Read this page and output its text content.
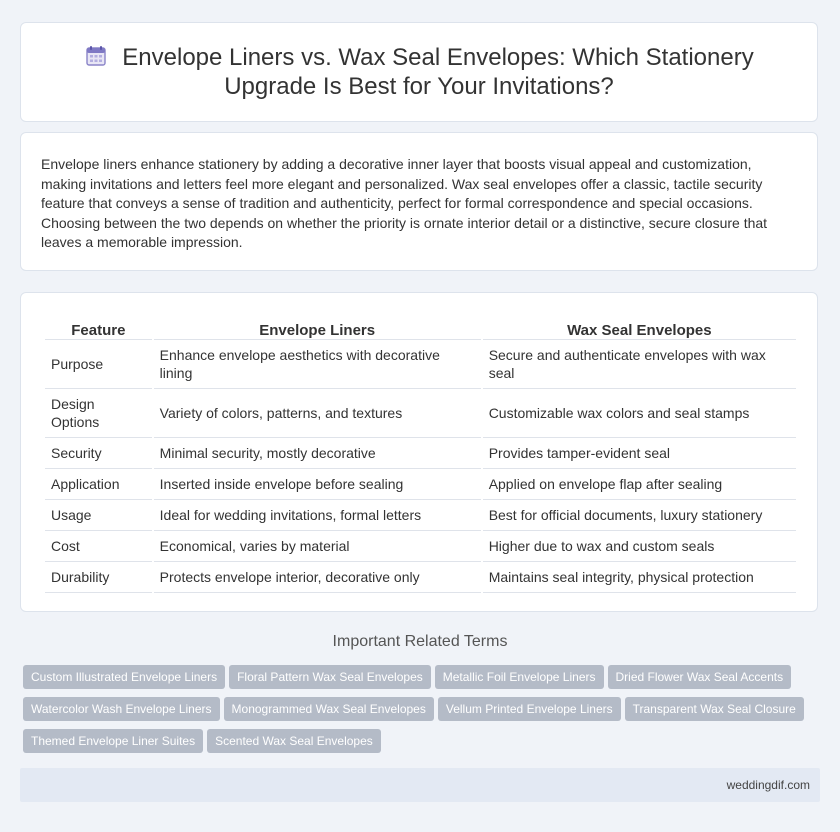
Envelope Liners vs. Wax Seal Envelopes: Which Stationery
Upgrade Is Best for Your Invitations?

Envelope liners enhance stationery by adding a decorative inner layer that boosts visual appeal and customization, making invitations and letters feel more elegant and personalized. Wax seal envelopes offer a classic, tactile security feature that conveys a sense of tradition and authenticity, perfect for formal correspondence and special occasions. Choosing between the two depends on whether the priority is ornate interior detail or a distinctive, secure closure that leaves a memorable impression.

Feature	Envelope Liners	Wax Seal Envelopes
Purpose	Enhance envelope aesthetics with decorative lining	Secure and authenticate envelopes with wax seal
Design Options	Variety of colors, patterns, and textures	Customizable wax colors and seal stamps
Security	Minimal security, mostly decorative	Provides tamper-evident seal
Application	Inserted inside envelope before sealing	Applied on envelope flap after sealing
Usage	Ideal for wedding invitations, formal letters	Best for official documents, luxury stationery
Cost	Economical, varies by material	Higher due to wax and custom seals
Durability	Protects envelope interior, decorative only	Maintains seal integrity, physical protection
Important Related Terms
Custom Illustrated Envelope Liners Floral Pattern Wax Seal Envelopes Metallic Foil Envelope Liners Dried Flower Wax Seal Accents
Watercolor Wash Envelope Liners Monogrammed Wax Seal Envelopes Vellum Printed Envelope Liners Transparent Wax Seal Closure
Themed Envelope Liner Suites Scented Wax Seal Envelopes
weddingdif.com
